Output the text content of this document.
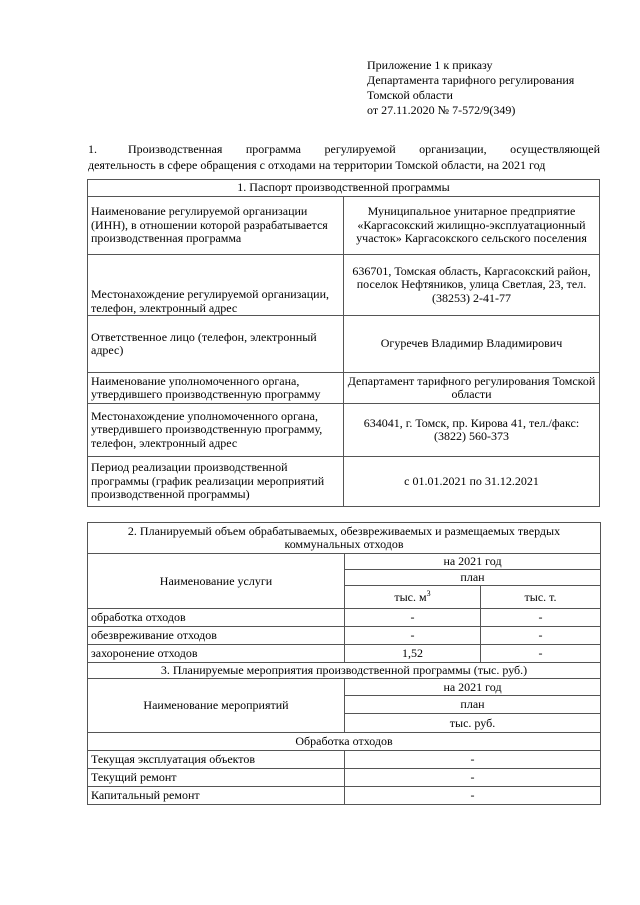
Приложение 1 к приказу
Департамента тарифного регулирования
Томской области
от 27.11.2020 № 7-572/9(349)
1.	Производственная программа регулируемой организации, осуществляющей
деятельность в сфере обращения с отходами на территории Томской области, на 2021 год
1. Паспорт производственной программы	
Наименование регулируемой организации (ИНН), в отношении которой разрабатывается производственная программа	Муниципальное унитарное предприятие «Каргасокский жилищно-эксплуатационный участок» Каргасокского сельского поселения
Местонахождение регулируемой организации, телефон, электронный адрес	636701, Томская область, Каргасокский район, поселок Нефтяников, улица Светлая, 23, тел. (38253) 2-41-77
Ответственное лицо (телефон, электронный адрес)	Огуречев Владимир Владимирович
Наименование уполномоченного органа, утвердившего производственную программу	Департамент тарифного регулирования Томской области
Местонахождение уполномоченного органа, утвердившего производственную программу, телефон, электронный адрес	634041, г. Томск, пр. Кирова 41, тел./факс: (3822) 560-373
Период реализации производственной программы (график реализации мероприятий производственной программы)	с 01.01.2021 по 31.12.2021
2. Планируемый объем обрабатываемых, обезвреживаемых и размещаемых твердых коммунальных отходов		
Наименование услуги	на 2021 год	
	план	
	тыс. $м^3$	тыс. т.
обработка отходов	-	-
обезвреживание отходов	-	-
захоронение отходов	1,52	-
3. Планируемые мероприятия производственной программы (тыс. руб.)		
Наименование мероприятий	на 2021 год	
	план	
	тыс. руб.	
Обработка отходов		
Текущая эксплуатация объектов	-	
Текущий ремонт	-	
Капитальный ремонт	-	
